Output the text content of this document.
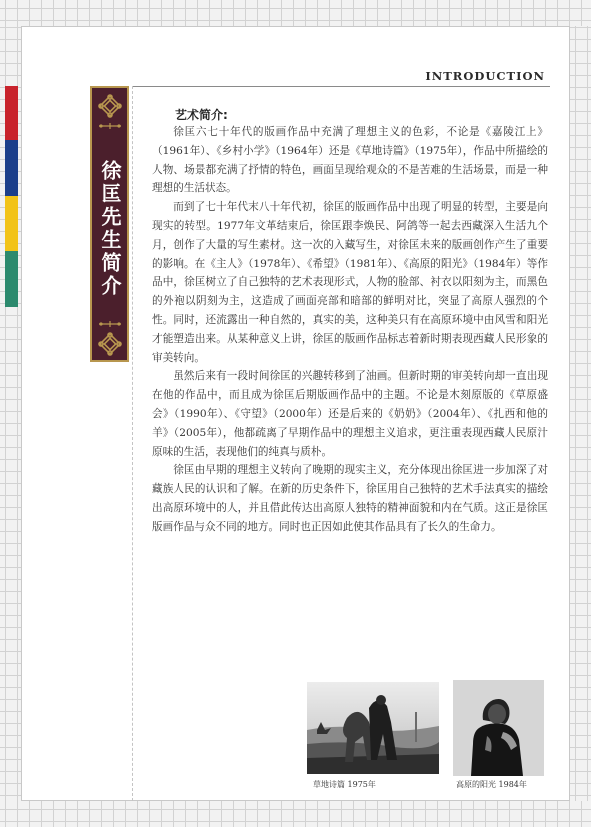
INTRODUCTION
徐匡先生简介
艺术简介:

徐匡六七十年代的版画作品中充满了理想主义的色彩，不论是《嘉陵江上》（1961年）、《乡村小学》（1964年）还是《草地诗篇》（1975年），作品中所描绘的人物、场景都充满了抒情的特色，画面呈现给观众的不是苦难的生活场景，而是一种理想的生活状态。

而到了七十年代末八十年代初，徐匡的版画作品中出现了明显的转型，主要是向现实的转型。1977年文革结束后，徐匡跟李焕民、阿鸽等一起去西藏深入生活九个月，创作了大量的写生素材。这一次的入藏写生，对徐匡未来的版画创作产生了重要的影响。在《主人》（1978年）、《希望》（1981年）、《高原的阳光》（1984年）等作品中，徐匡树立了自己独特的艺术表现形式，人物的脸部、衬衣以阳刻为主，而黑色的外袍以阴刻为主，这造成了画面亮部和暗部的鲜明对比，突显了高原人强烈的个性。同时，还流露出一种自然的，真实的美，这种美只有在高原环境中由风雪和阳光才能塑造出来。从某种意义上讲，徐匡的版画作品标志着新时期表现西藏人民形象的审美转向。

虽然后来有一段时间徐匡的兴趣转移到了油画。但新时期的审美转向却一直出现在他的作品中，而且成为徐匡后期版画作品中的主题。不论是木刻原版的《草原盛会》（1990年）、《守望》（2000年）还是后来的《奶奶》（2004年）、《扎西和他的羊》（2005年），他都疏离了早期作品中的理想主义追求，更注重表现西藏人民原汁原味的生活，表现他们的纯真与质朴。

徐匡由早期的理想主义转向了晚期的现实主义，充分体现出徐匡进一步加深了对藏族人民的认识和了解。在新的历史条件下，徐匡用自己独特的艺术手法真实的描绘出高原环境中的人，并且借此传达出高原人独特的精神面貌和内在气质。这正是徐匡版画作品与众不同的地方。同时也正因如此使其作品具有了长久的生命力。

草地诗篇 1975年	高原的阳光 1984年
